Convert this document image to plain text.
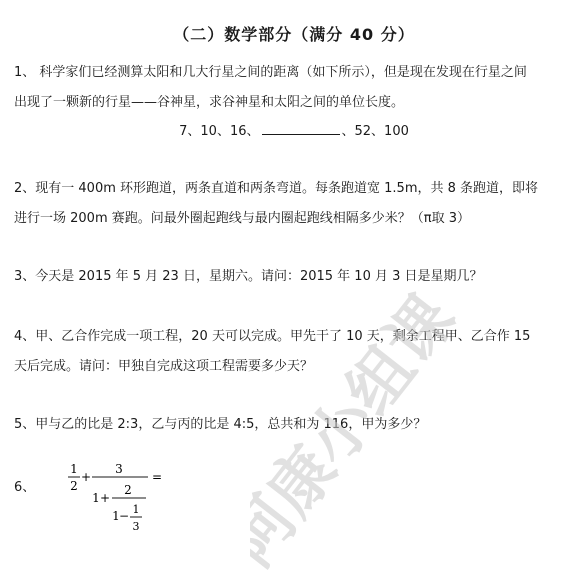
（二）数学部分（满分 40 分）
1、 科学家们已经测算太阳和几大行星之间的距离（如下所示），但是现在发现在行星之间
出现了一颗新的行星——谷神星，求谷神星和太阳之间的单位长度。
7、10、16、	、52、100
2、现有一 400m 环形跑道，两条直道和两条弯道。每条跑道宽 1.5m，共 8 条跑道，即将
进行一场 200m 赛跑。问最外圈起跑线与最内圈起跑线相隔多少米？（π取 3）
3、今天是 2015 年 5 月 23 日，星期六。请问：2015 年 10 月 3 日是星期几？
4、甲、乙合作完成一项工程，20 天可以完成。甲先干了 10 天，剩余工程甲、乙合作 15
天后完成。请问：甲独自完成这项工程需要多少天？
5、甲与乙的比是 2:3，乙与丙的比是 4:5，总共和为 116，甲为多少？
6、
1
2
+
3
1 +
2
1 − 1
3
= 阿康小组课
